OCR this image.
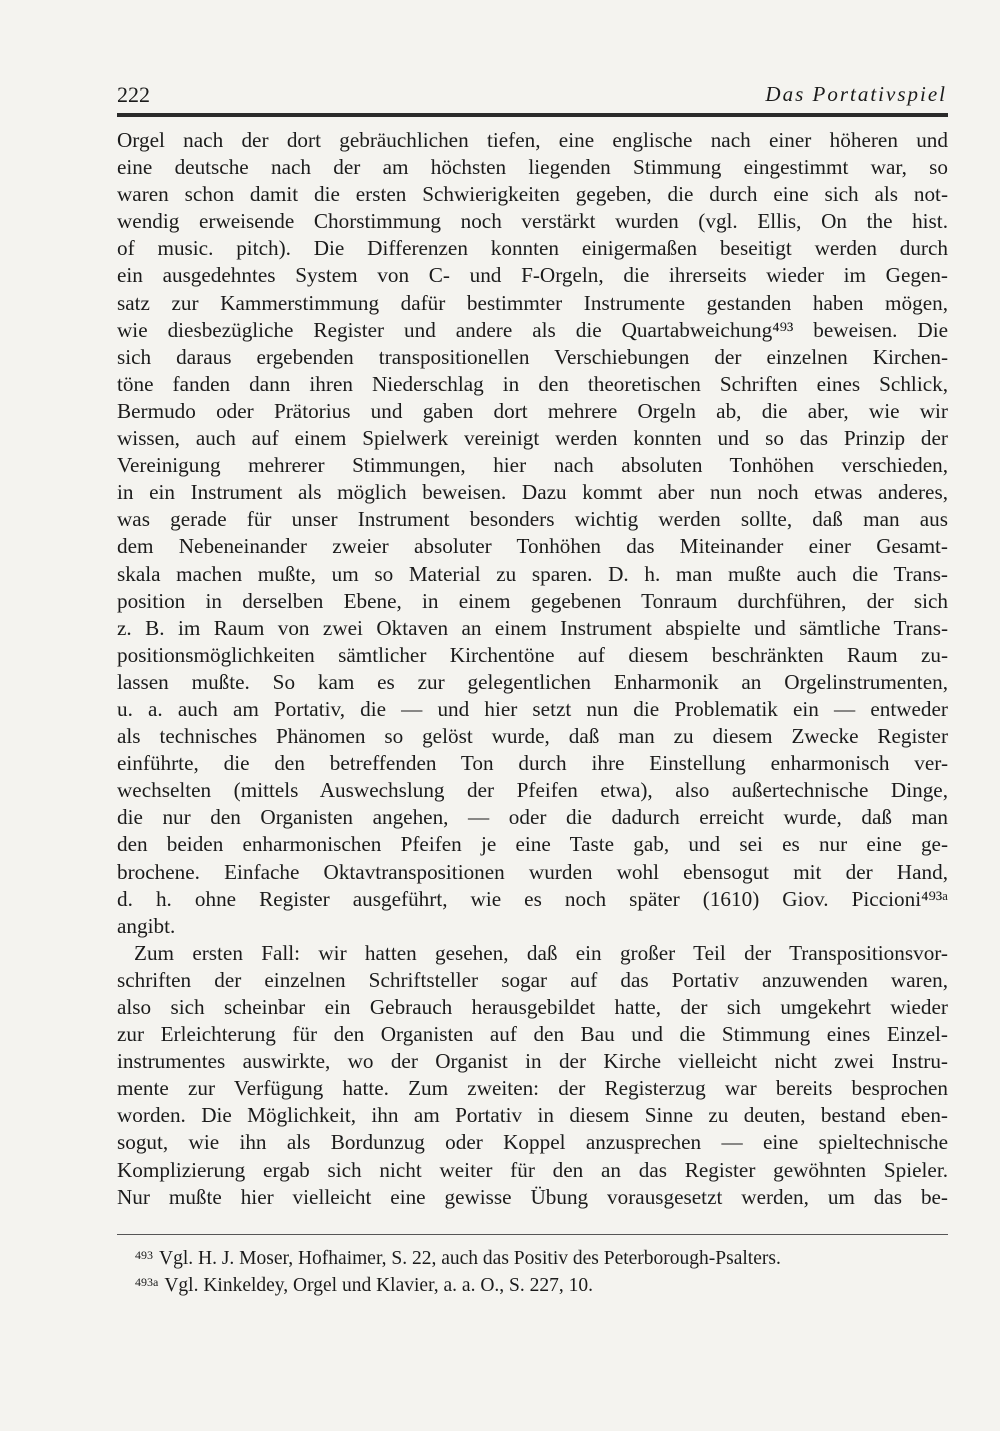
222	Das Portativspiel
Orgel nach der dort gebräuchlichen tiefen, eine englische nach einer höheren und
eine deutsche nach der am höchsten liegenden Stimmung eingestimmt war, so
waren schon damit die ersten Schwierigkeiten gegeben, die durch eine sich als not-
wendig erweisende Chorstimmung noch verstärkt wurden (vgl. Ellis, On the hist.
of music. pitch). Die Differenzen konnten einigermaßen beseitigt werden durch
ein ausgedehntes System von C- und F-Orgeln, die ihrerseits wieder im Gegen-
satz zur Kammerstimmung dafür bestimmter Instrumente gestanden haben mögen,
wie diesbezügliche Register und andere als die Quartabweichung⁴⁹³ beweisen. Die
sich daraus ergebenden transpositionellen Verschiebungen der einzelnen Kirchen-
töne fanden dann ihren Niederschlag in den theoretischen Schriften eines Schlick,
Bermudo oder Prätorius und gaben dort mehrere Orgeln ab, die aber, wie wir
wissen, auch auf einem Spielwerk vereinigt werden konnten und so das Prinzip der
Vereinigung mehrerer Stimmungen, hier nach absoluten Tonhöhen verschieden,
in ein Instrument als möglich beweisen. Dazu kommt aber nun noch etwas anderes,
was gerade für unser Instrument besonders wichtig werden sollte, daß man aus
dem Nebeneinander zweier absoluter Tonhöhen das Miteinander einer Gesamt-
skala machen mußte, um so Material zu sparen. D. h. man mußte auch die Trans-
position in derselben Ebene, in einem gegebenen Tonraum durchführen, der sich
z. B. im Raum von zwei Oktaven an einem Instrument abspielte und sämtliche Trans-
positionsmöglichkeiten sämtlicher Kirchentöne auf diesem beschränkten Raum zu-
lassen mußte. So kam es zur gelegentlichen Enharmonik an Orgelinstrumenten,
u. a. auch am Portativ, die — und hier setzt nun die Problematik ein — entweder
als technisches Phänomen so gelöst wurde, daß man zu diesem Zwecke Register
einführte, die den betreffenden Ton durch ihre Einstellung enharmonisch ver-
wechselten (mittels Auswechslung der Pfeifen etwa), also außertechnische Dinge,
die nur den Organisten angehen, — oder die dadurch erreicht wurde, daß man
den beiden enharmonischen Pfeifen je eine Taste gab, und sei es nur eine ge-
brochene. Einfache Oktavtranspositionen wurden wohl ebensogut mit der Hand,
d. h. ohne Register ausgeführt, wie es noch später (1610) Giov. Piccioni⁴⁹³ᵃ
angibt.
Zum ersten Fall: wir hatten gesehen, daß ein großer Teil der Transpositionsvor-
schriften der einzelnen Schriftsteller sogar auf das Portativ anzuwenden waren,
also sich scheinbar ein Gebrauch herausgebildet hatte, der sich umgekehrt wieder
zur Erleichterung für den Organisten auf den Bau und die Stimmung eines Einzel-
instrumentes auswirkte, wo der Organist in der Kirche vielleicht nicht zwei Instru-
mente zur Verfügung hatte. Zum zweiten: der Registerzug war bereits besprochen
worden. Die Möglichkeit, ihn am Portativ in diesem Sinne zu deuten, bestand eben-
sogut, wie ihn als Bordunzug oder Koppel anzusprechen — eine spieltechnische
Komplizierung ergab sich nicht weiter für den an das Register gewöhnten Spieler.
Nur mußte hier vielleicht eine gewisse Übung vorausgesetzt werden, um das be-
$^{493}$ Vgl. H. J. Moser, Hofhaimer, S. 22, auch das Positiv des Peterborough-Psalters.
$^{493a}$ Vgl. Kinkeldey, Orgel und Klavier, a. a. O., S. 227, 10.
